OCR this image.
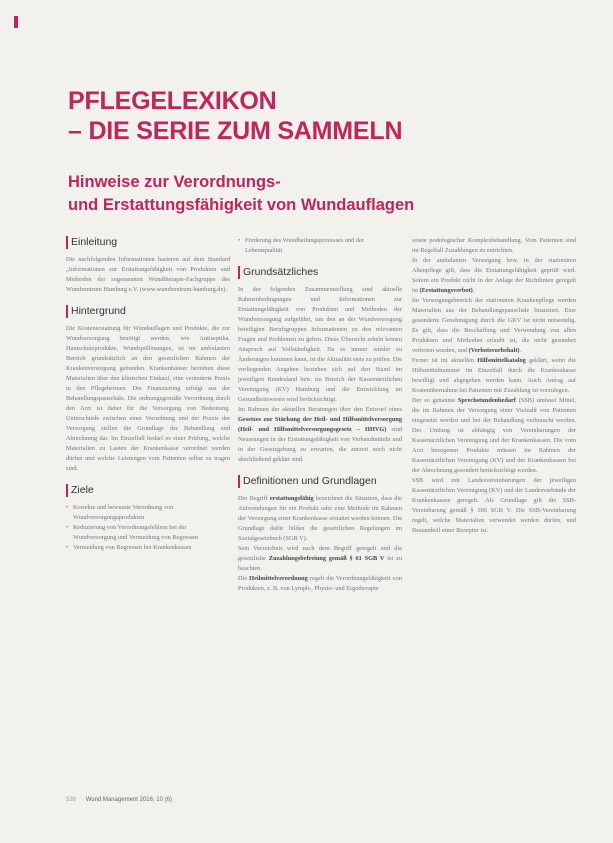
PFLEGELEXIKON
– DIE SERIE ZUM SAMMELN
Hinweise zur Verordnungs-
und Erstattungsfähigkeit von Wundauflagen
Einleitung

Die nachfolgenden Informationen basieren auf dem Standard „Informationen zur Erstattungsfähigkeit von Produkten und Methoden der sogenannten Wundtherapie-Fachgruppe des Wundzentrum Hamburg e.V. (www.wundzentrum-hamburg.de).

Hintergrund

Die Kostenerstattung für Wundauflagen und Produkte, die zur Wundversorgung benötigt werden, wie Antiseptika, Hautschutzprodukte, Wundspüllösungen, ist im ambulanten Bereich grundsätzlich an den gesetzlichen Rahmen der Krankenversorgung gebunden. Krankenhäuser beziehen diese Materialien über den klinischen Einkauf, eine veränderte Praxis in den Pflegeheimen. Die Finanzierung erfolgt aus der Behandlungspauschale. Die ordnungsgemäße Verordnung durch den Arzt ist daher für die Versorgung von Bedeutung. Unterschiede zwischen einer Verordnung und der Praxis der Versorgung stellen die Grundlage der Behandlung und Abrechnung dar. Im Einzelfall bedarf es einer Prüfung, welche Materialien zu Lasten der Krankenkasse verordnet werden dürfen und welche Leistungen vom Patienten selbst zu tragen sind.

Ziele
• Korrekte und bewusste Verordnung von Wundversorgungsprodukten
• Reduzierung von Verordnungsfehlern bei der Wundversorgung und Vermeidung von Regressen
• Vermeidung von Regressen bei Krankenkassen
• Förderung des Wundheilungsprozesses und der Lebensqualität
Grundsätzliches

In der folgenden Zusammenstellung sind aktuelle Rahmenbedingungen und Informationen zur Erstattungsfähigkeit von Produkten und Methoden der Wundversorgung aufgeführt, um den an der Wundversorgung beteiligten Berufsgruppen Informationen zu den relevanten Fragen und Problemen zu geben. Diese Übersicht erhebt keinen Anspruch auf Vollständigkeit. Da es immer wieder zu Änderungen kommen kann, ist die Aktualität stets zu prüfen. Die vorliegenden Angaben beziehen sich auf den Stand im jeweiligen Bundesland bzw. im Bereich der Kassenärztlichen Vereinigung (KV) Hamburg und die Entwicklung im Gesundheitswesen wird berücksichtigt.

Im Rahmen der aktuellen Beratungen über den Entwurf eines Gesetzes zur Stärkung der Heil- und Hilfsmittelversorgung (Heil- und Hilfsmittelversorgungsgesetz – HHVG) sind Neuerungen in der Erstattungsfähigkeit von Verbandmitteln und in der Gesetzgebung zu erwarten, die zurzeit noch nicht abschließend geklärt sind.

Definitionen und Grundlagen

Der Begriff erstattungsfähig bezeichnet die Situation, dass die Aufwendungen für ein Produkt oder eine Methode im Rahmen der Versorgung einer Krankenkasse erstattet werden können. Die Grundlage dafür bilden die gesetzlichen Regelungen im Sozialgesetzbuch (SGB V).

Sein Verzeichnis wird nach dem Begriff geregelt und die gesetzliche Zuzahlungsbefreiung gemäß § 61 SGB V ist zu beachten.

Die Heilmittelverordnung regelt die Verordnungsfähigkeit von Produkten, z. B. von Lymph-, Physio- und Ergotherapie

sowie podologischer Komplexbehandlung. Vom Patienten sind im Regelfall Zuzahlungen zu entrichten.

In der ambulanten Versorgung bzw. in der stationären Altenpflege gilt, dass die Erstattungsfähigkeit geprüft wird. Sofern ein Produkt nicht in der Anlage der Richtlinien geregelt ist (Erstattungsverbot).

Im Versorgungsbereich der stationären Krankenpflege werden Materialien aus der Behandlungspauschale finanziert. Eine gesonderte Genehmigung durch die GKV ist nicht notwendig. Es gilt, dass die Beschaffung und Verwendung von allen Produkten und Methoden erlaubt ist, die nicht gesondert verboten wurden, und (Verbotsvorbehalt).

Ferner ist im aktuellen Hilfsmittelkatalog geklärt, wenn die Hilfsmittelnummer im Einzelfall durch die Krankenkasse bewilligt und abgegeben werden kann. Auch Antrag auf Kostenübernahme bei Patienten mit Zuzahlung ist vorzulegen.

Der so genannte Sprechstundenbedarf (SSB) umfasst Mittel, die im Rahmen der Versorgung einer Vielzahl von Patienten eingesetzt werden und bei der Behandlung verbraucht werden. Der Umfang ist abhängig von Vereinbarungen der Kassenärztlichen Vereinigung und der Krankenkassen. Die vom Arzt bezogenen Produkte müssen im Rahmen der Kassenärztlichen Vereinigung (KV) und der Krankenkassen bei der Abrechnung gesondert berücksichtigt werden.

SSB wird mit Landesvereinbarungen der jeweiligen Kassenärztlichen Vereinigung (KV) und der Landesverbände der Krankenkassen geregelt. Als Grundlage gilt die SSB-Vereinbarung gemäß § 106 SGB V. Die SSB-Vereinbarung regelt, welche Materialien verwendet werden dürfen, und Bestandteil einer Rezeptur ist.

536 Wund Management 2016; 10 (6)
